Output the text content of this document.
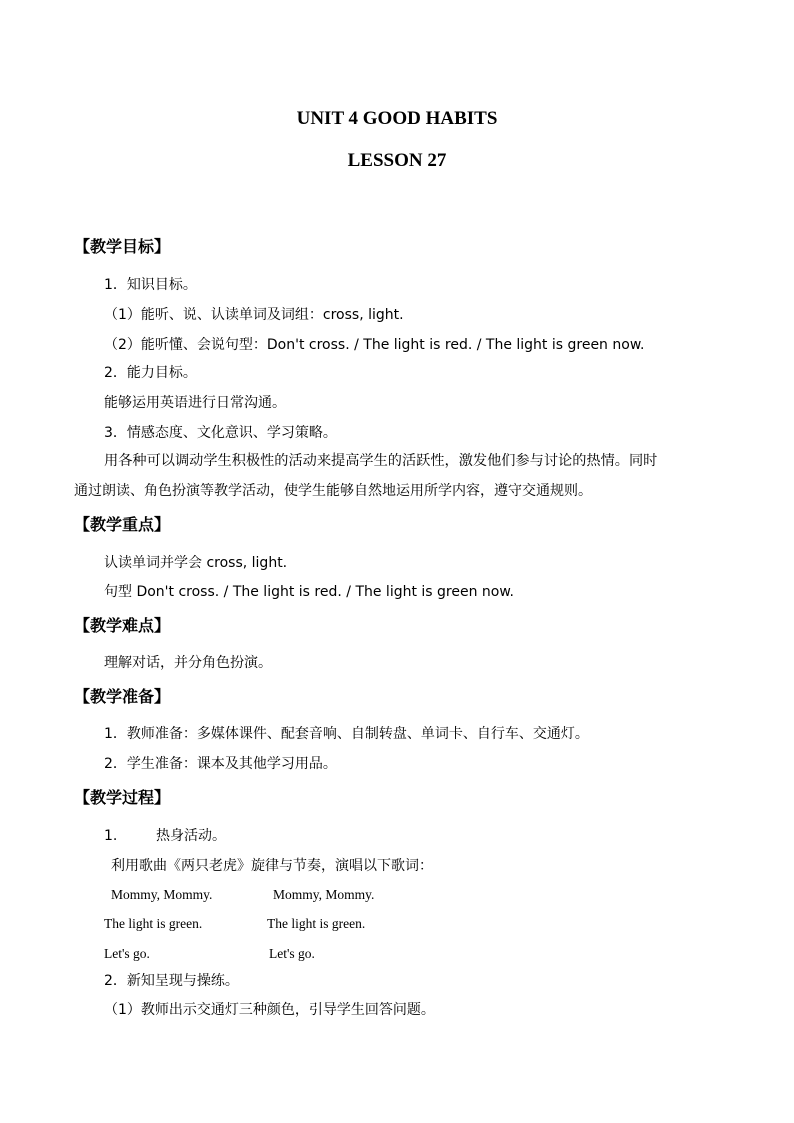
UNIT 4 GOOD HABITS
LESSON 27
【教学目标】
1．知识目标。
（1）能听、说、认读单词及词组：cross, light.
（2）能听懂、会说句型：Don't cross. / The light is red. / The light is green now.
2．能力目标。
能够运用英语进行日常沟通。
3．情感态度、文化意识、学习策略。
用各种可以调动学生积极性的活动来提高学生的活跃性，激发他们参与讨论的热情。同时
通过朗读、角色扮演等教学活动，使学生能够自然地运用所学内容，遵守交通规则。
【教学重点】
认读单词并学会 cross, light.
句型 Don't cross. / The light is red. / The light is green now.
【教学难点】
理解对话，并分角色扮演。
【教学准备】
1．教师准备：多媒体课件、配套音响、自制转盘、单词卡、自行车、交通灯。
2．学生准备：课本及其他学习用品。
【教学过程】
1.	热身活动。
利用歌曲《两只老虎》旋律与节奏，演唱以下歌词：
Mommy, Mommy.	Mommy, Mommy.
The light is green.	The light is green.
Let's go.	Let's go.
2．新知呈现与操练。
（1）教师出示交通灯三种颜色，引导学生回答问题。
